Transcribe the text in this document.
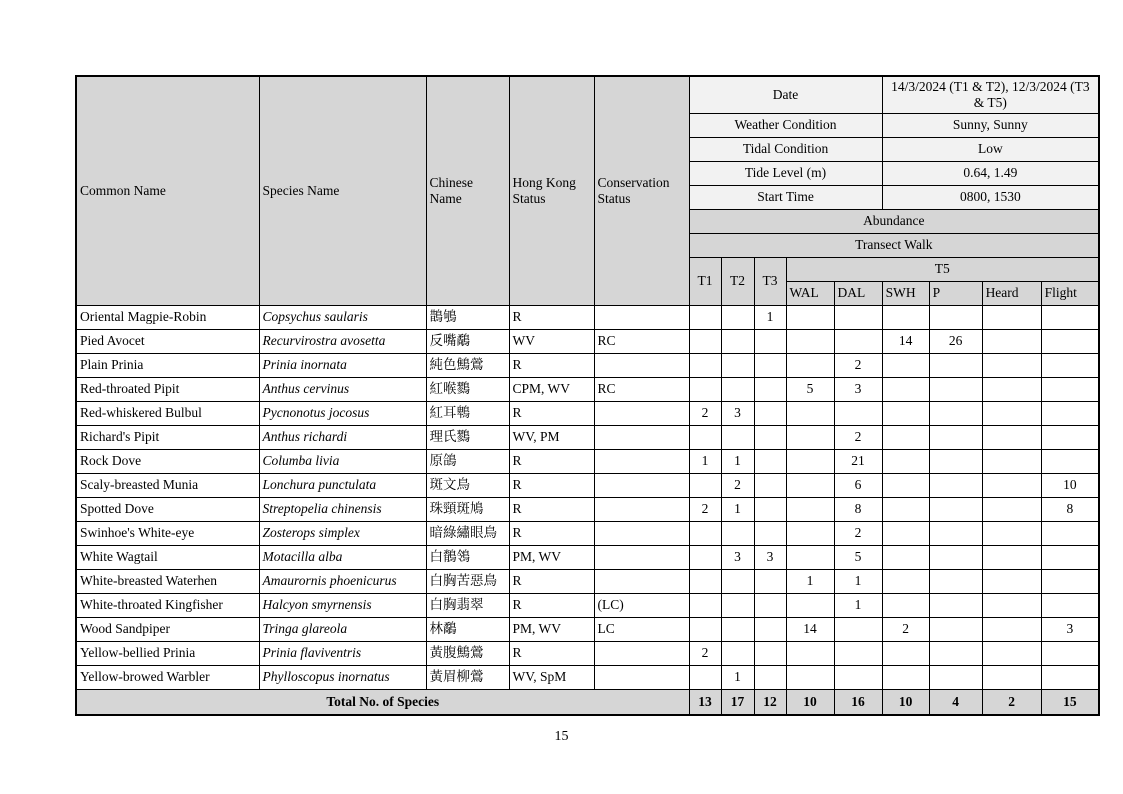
Common Name	Species Name	Chinese Name	Hong Kong Status	Conservation Status	Date					14/3/2024 (T1 & T2), 12/3/2024 (T3 & T5)			
					Weather Condition					Sunny, Sunny			
					Tidal Condition					Low			
					Tide Level (m)					0.64, 1.49			
					Start Time					0800, 1530			
					Abundance								
					Transect Walk								
					T1	T2	T3	T5					
								WAL	DAL	SWH	P	Heard	Flight
Oriental Magpie-Robin	Copsychus saularis	鵲鴝	R				1						
Pied Avocet	Recurvirostra avosetta	反嘴鷸	WV	RC						14	26		
Plain Prinia	Prinia inornata	純色鷦鶯	R						2				
Red-throated Pipit	Anthus cervinus	紅喉鷚	CPM, WV	RC				5	3				
Red-whiskered Bulbul	Pycnonotus jocosus	紅耳鵯	R		2	3							
Richard's Pipit	Anthus richardi	理氏鷚	WV, PM						2				
Rock Dove	Columba livia	原鴿	R		1	1			21				
Scaly-breasted Munia	Lonchura punctulata	斑文鳥	R			2			6				10
Spotted Dove	Streptopelia chinensis	珠頸斑鳩	R		2	1			8				8
Swinhoe's White-eye	Zosterops simplex	暗綠繡眼鳥	R						2				
White Wagtail	Motacilla alba	白鶺鴒	PM, WV			3	3		5				
White-breasted Waterhen	Amaurornis phoenicurus	白胸苦惡鳥	R					1	1				
White-throated Kingfisher	Halcyon smyrnensis	白胸翡翠	R	(LC)					1				
Wood Sandpiper	Tringa glareola	林鷸	PM, WV	LC				14		2			3
Yellow-bellied Prinia	Prinia flaviventris	黃腹鷦鶯	R		2								
Yellow-browed Warbler	Phylloscopus inornatus	黃眉柳鶯	WV, SpM			1							
Total No. of Species					13	17	12	10	16	10	4	2	15
15
